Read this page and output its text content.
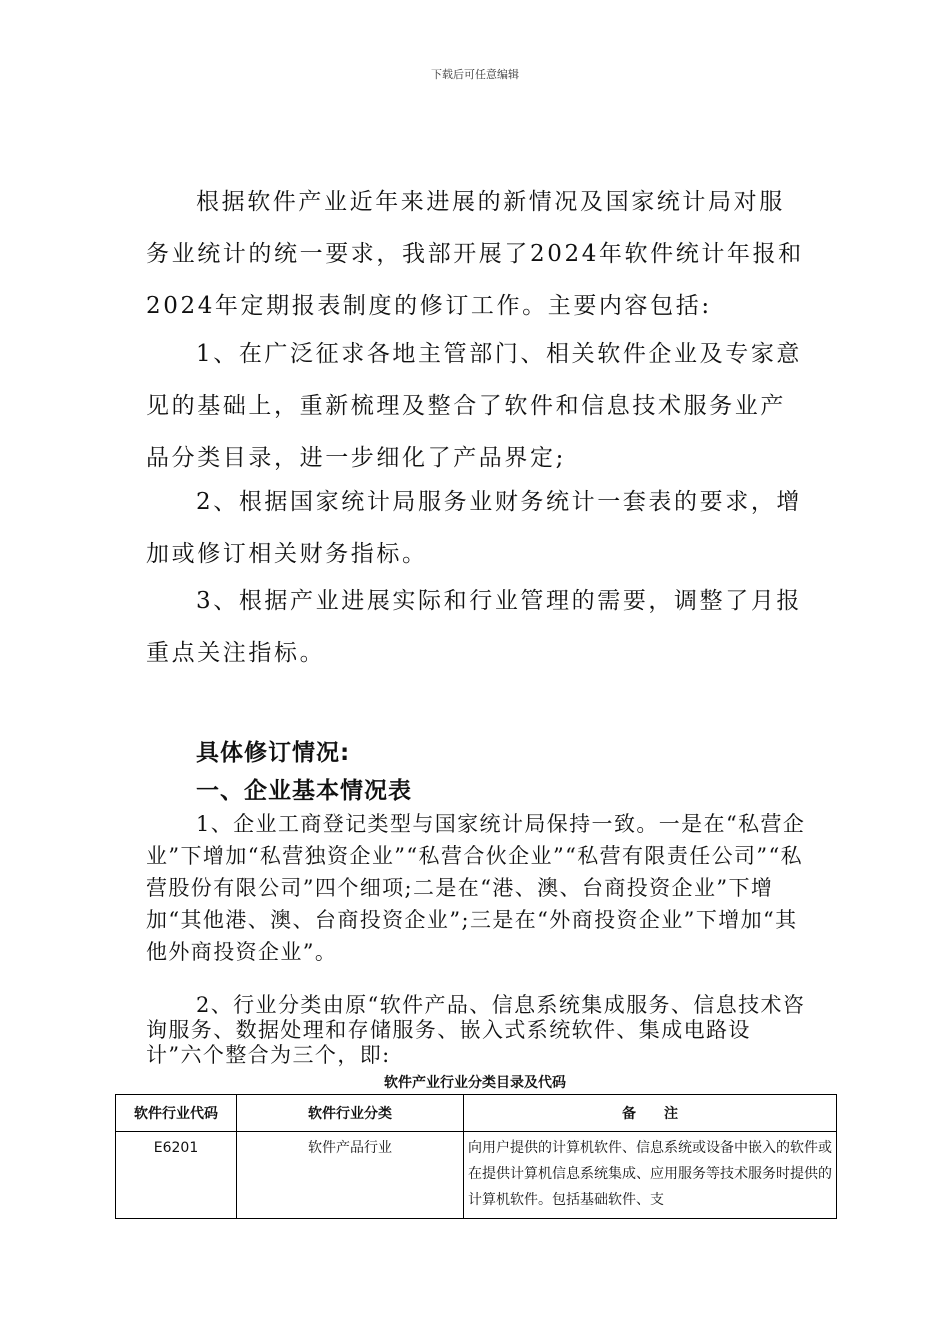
下载后可任意编辑

根据软件产业近年来进展的新情况及国家统计局对服务业统计的统一要求，我部开展了2024年软件统计年报和2024年定期报表制度的修订工作。主要内容包括:

1、在广泛征求各地主管部门、相关软件企业及专家意见的基础上，重新梳理及整合了软件和信息技术服务业产品分类目录，进一步细化了产品界定;

2、根据国家统计局服务业财务统计一套表的要求，增加或修订相关财务指标。

3、根据产业进展实际和行业管理的需要，调整了月报重点关注指标。

具体修订情况:
一、企业基本情况表

1、企业工商登记类型与国家统计局保持一致。一是在“私营企业”下增加“私营独资企业”“私营合伙企业”“私营有限责任公司”“私营股份有限公司”四个细项;二是在“港、澳、台商投资企业”下增加“其他港、澳、台商投资企业”;三是在“外商投资企业”下增加“其他外商投资企业”。

2、行业分类由原“软件产品、信息系统集成服务、信息技术咨询服务、数据处理和存储服务、嵌入式系统软件、集成电路设计”六个整合为三个，即:

软件产业行业分类目录及代码
软件行业代码	软件行业分类	备　　注
E6201	软件产品行业	向用户提供的计算机软件、信息系统或设备中嵌入的软件或在提供计算机信息系统集成、应用服务等技术服务时提供的计算机软件。包括基础软件、支
